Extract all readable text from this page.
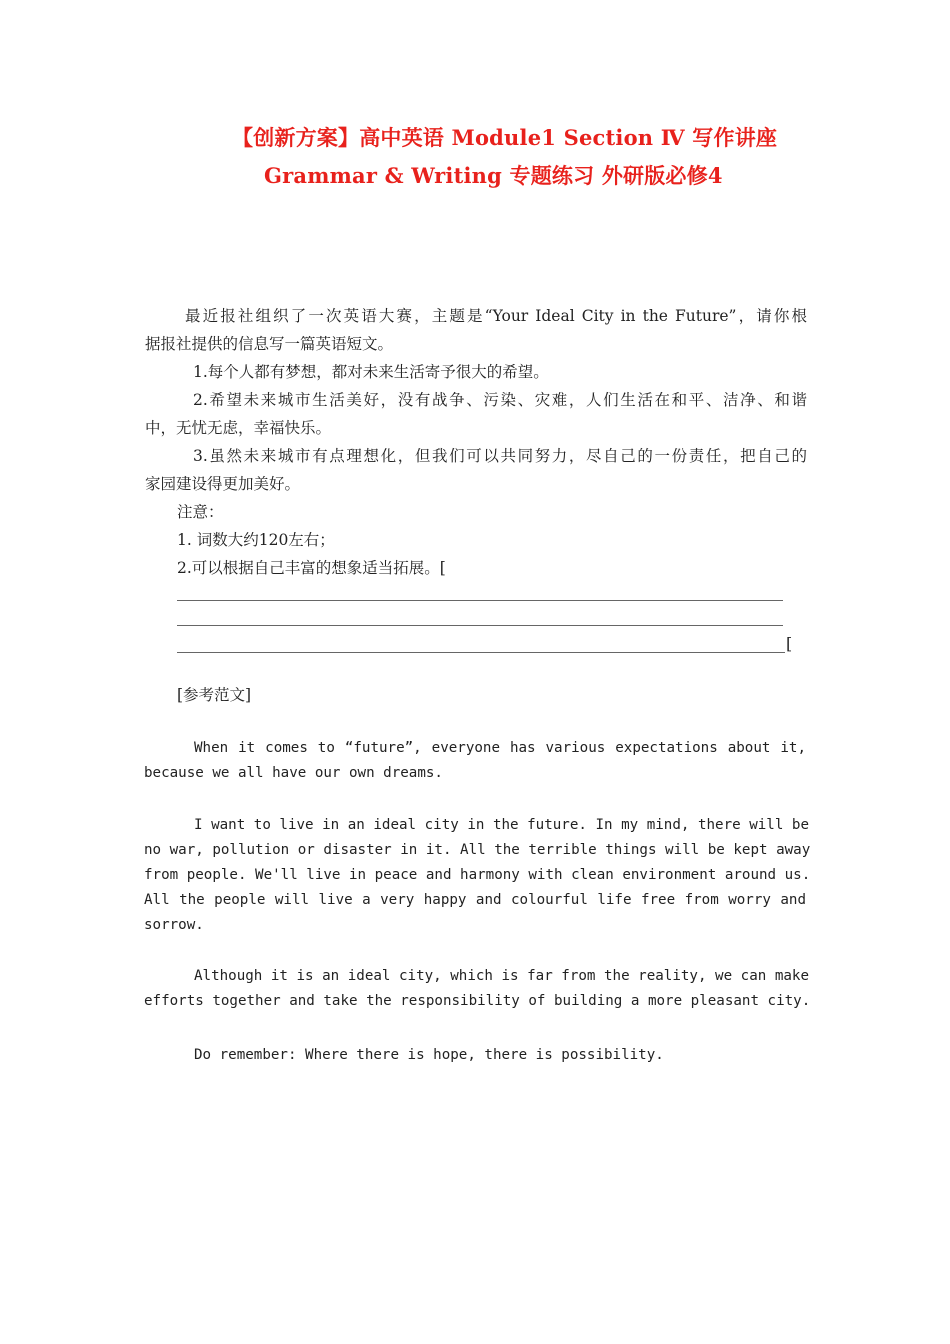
【创新方案】高中英语 Module1 Section Ⅳ 写作讲座
Grammar & Writing 专题练习 外研版必修4
最近报社组织了一次英语大赛，主题是“Your Ideal City in the Future”，请你根
据报社提供的信息写一篇英语短文。
1.每个人都有梦想，都对未来生活寄予很大的希望。
2.希望未来城市生活美好，没有战争、污染、灾难，人们生活在和平、洁净、和谐
中，无忧无虑，幸福快乐。
3.虽然未来城市有点理想化，但我们可以共同努力，尽自己的一份责任，把自己的
家园建设得更加美好。
注意：
1. 词数大约120左右；
2.可以根据自己丰富的想象适当拓展。[
[
[参考范文]
When it comes to “future”, everyone has various expectations about it,
because we all have our own dreams.
I want to live in an ideal city in the future. In my mind, there will be
no war, pollution or disaster in it. All the terrible things will be kept away
from people. We'll live in peace and harmony with clean environment around us.
All the people will live a very happy and colourful life free from worry and
sorrow.
Although it is an ideal city, which is far from the reality, we can make
efforts together and take the responsibility of building a more pleasant city.
Do remember: Where there is hope, there is possibility.
